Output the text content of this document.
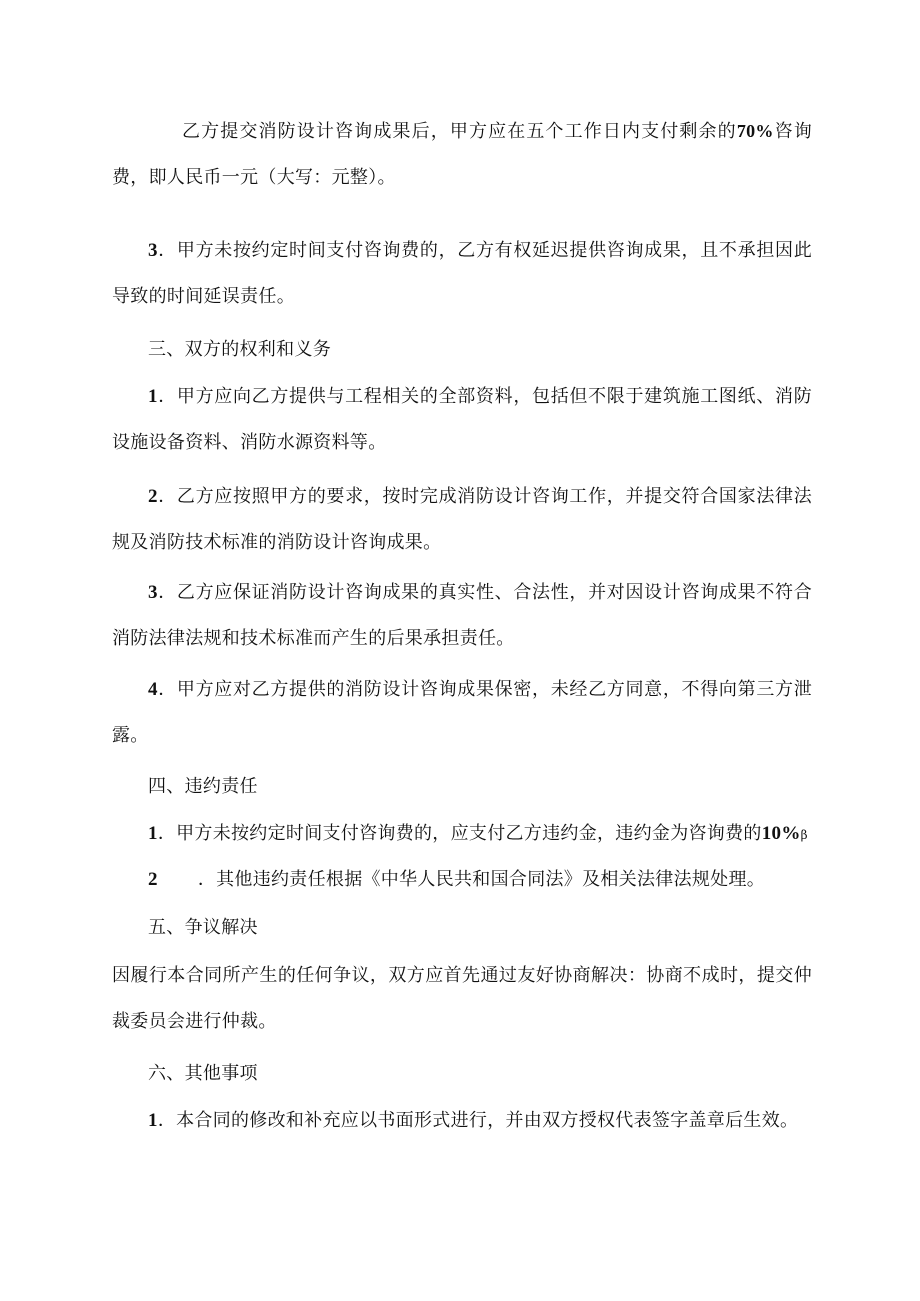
乙方提交消防设计咨询成果后，甲方应在五个工作日内支付剩余的70%咨询费，即人民币一元（大写：元整）。
3．甲方未按约定时间支付咨询费的，乙方有权延迟提供咨询成果，且不承担因此导致的时间延误责任。
三、双方的权利和义务
1．甲方应向乙方提供与工程相关的全部资料，包括但不限于建筑施工图纸、消防设施设备资料、消防水源资料等。
2．乙方应按照甲方的要求，按时完成消防设计咨询工作，并提交符合国家法律法规及消防技术标准的消防设计咨询成果。
3．乙方应保证消防设计咨询成果的真实性、合法性，并对因设计咨询成果不符合消防法律法规和技术标准而产生的后果承担责任。
4．甲方应对乙方提供的消防设计咨询成果保密，未经乙方同意，不得向第三方泄露。
四、违约责任
1．甲方未按约定时间支付咨询费的，应支付乙方违约金，违约金为咨询费的10%β
2 ．其他违约责任根据《中华人民共和国合同法》及相关法律法规处理。
五、争议解决
因履行本合同所产生的任何争议，双方应首先通过友好协商解决：协商不成时，提交仲裁委员会进行仲裁。
六、其他事项
1．本合同的修改和补充应以书面形式进行，并由双方授权代表签字盖章后生效。
